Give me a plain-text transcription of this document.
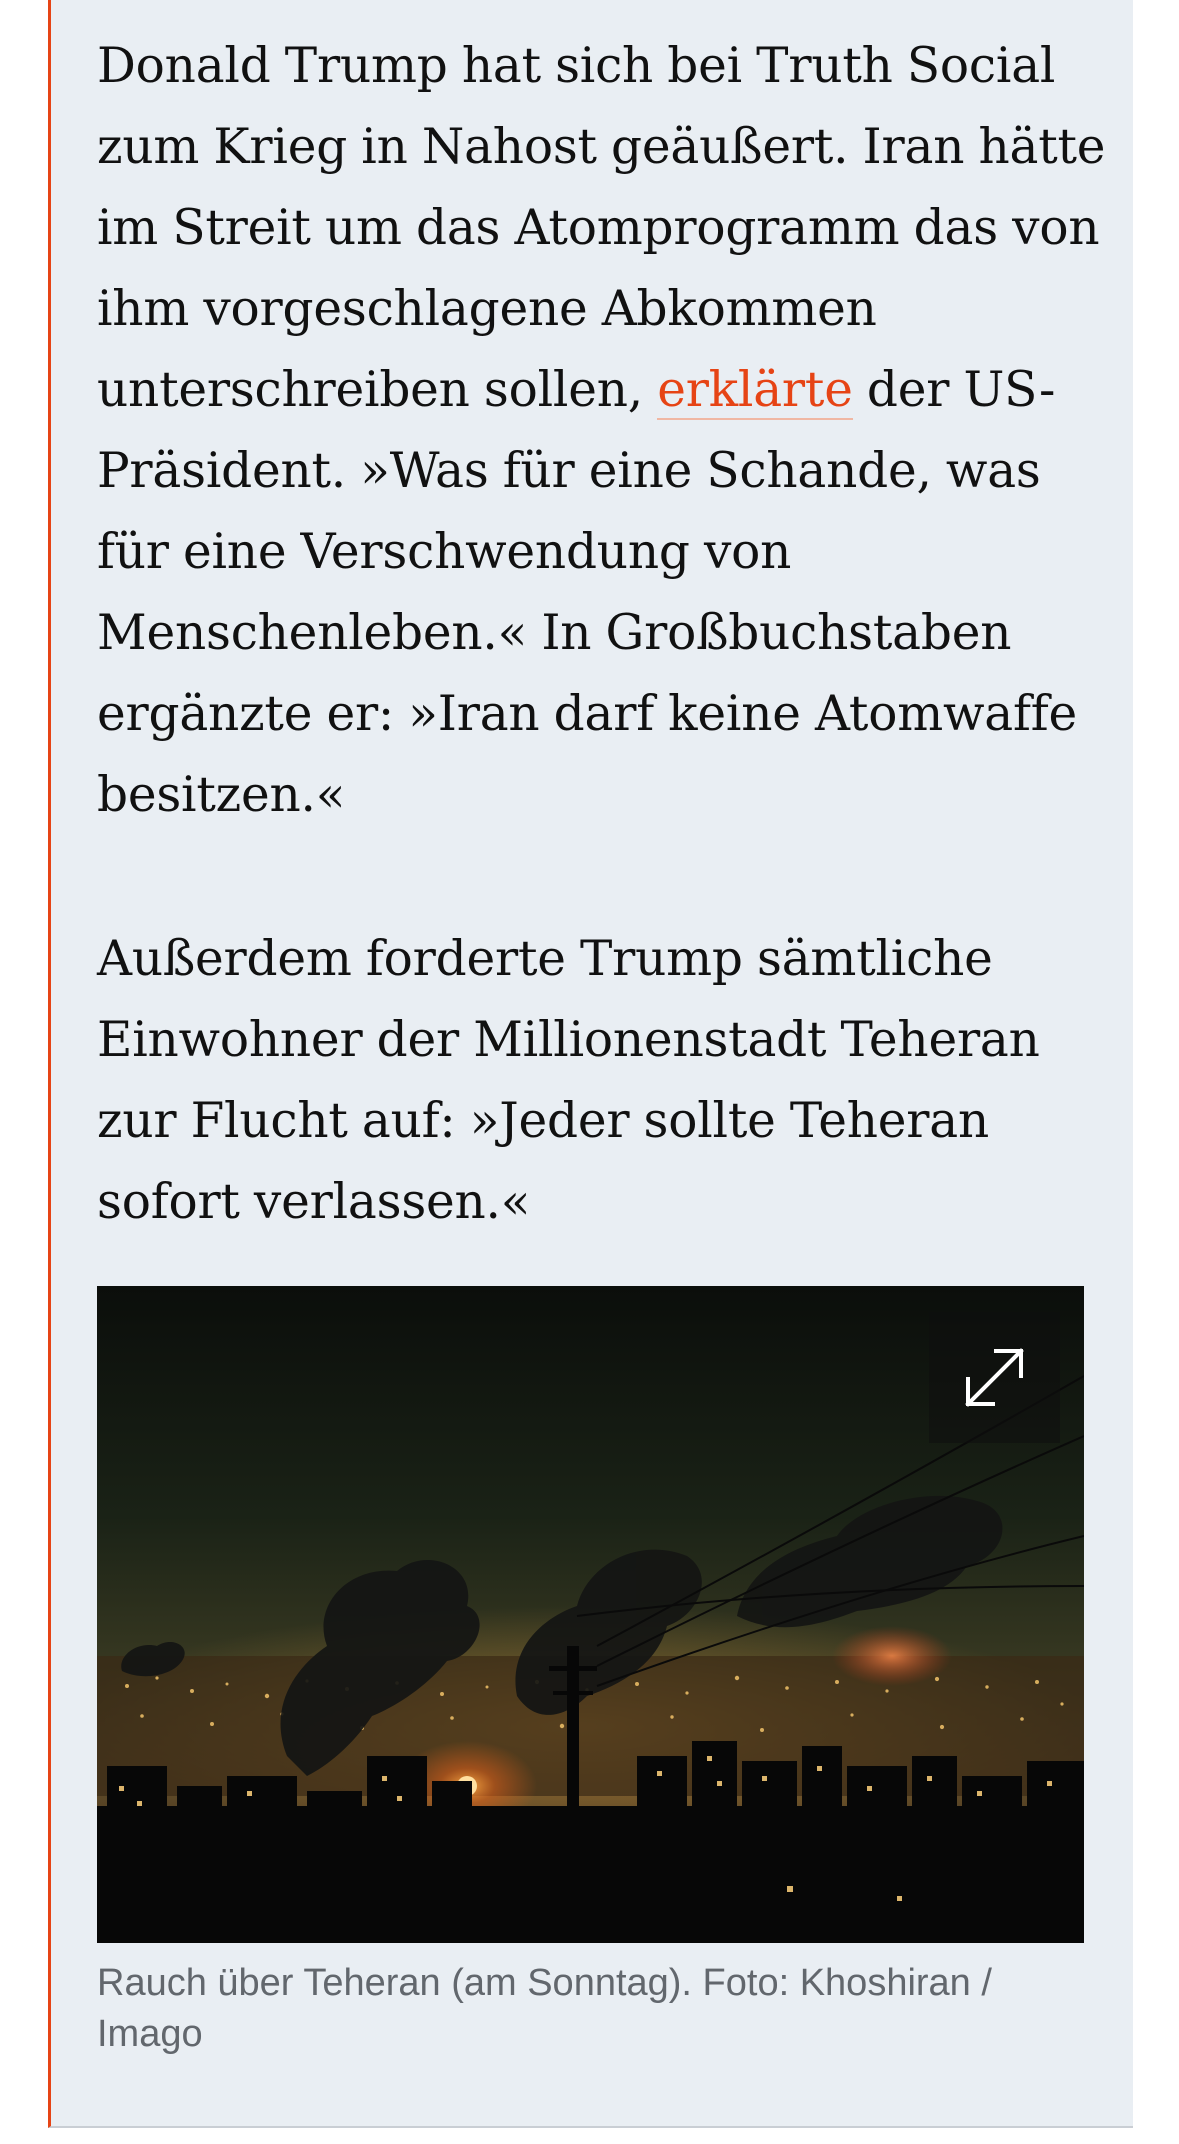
Donald Trump hat sich bei Truth Social zum Krieg in Nahost geäußert. Iran hätte im Streit um das Atomprogramm das von ihm vorgeschlagene Abkommen unterschreiben sollen, erklärte der US-Präsident. »Was für eine Schande, was für eine Verschwendung von Menschenleben.« In Großbuchstaben ergänzte er: »Iran darf keine Atomwaffe besitzen.«

Außerdem forderte Trump sämtliche Einwohner der Millionenstadt Teheran zur Flucht auf: »Jeder sollte Teheran sofort verlassen.«

Rauch über Teheran (am Sonntag). Foto: Khoshiran / Imago
